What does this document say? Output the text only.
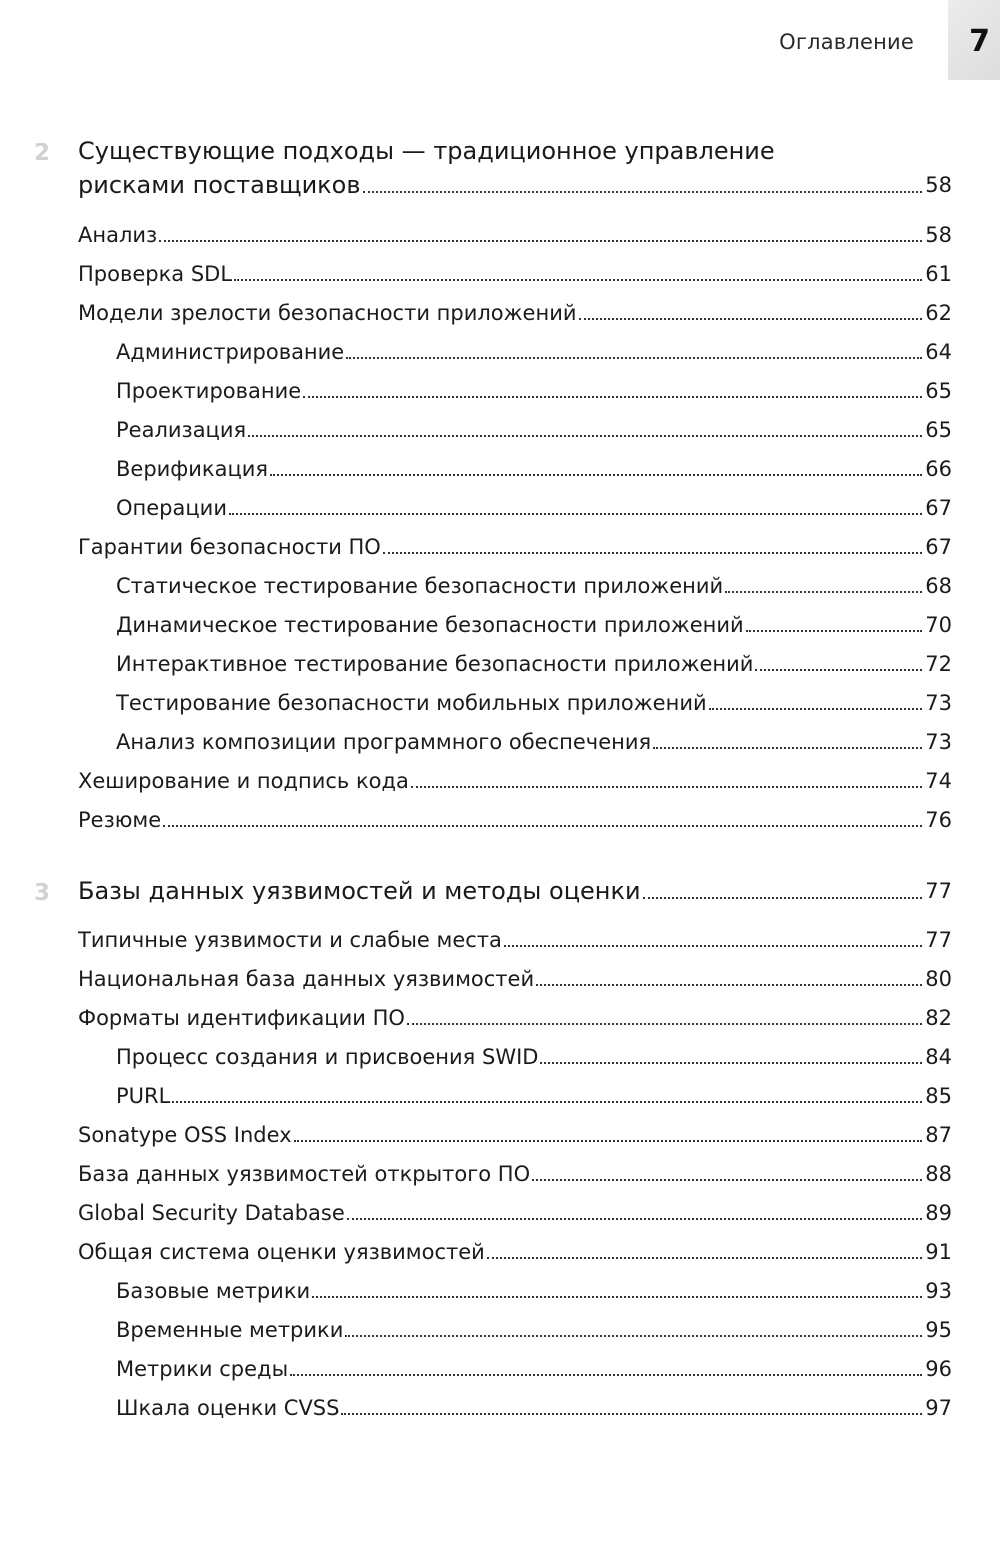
Оглавление 7
2 Существующие подходы — традиционное управление
рисками поставщиков	58
Анализ	58
Проверка SDL	61
Модели зрелости безопасности приложений	62
Администрирование	64
Проектирование	65
Реализация	65
Верификация	66
Операции	67
Гарантии безопасности ПО	67
Статическое тестирование безопасности приложений	68
Динамическое тестирование безопасности приложений	70
Интерактивное тестирование безопасности приложений	72
Тестирование безопасности мобильных приложений	73
Анализ композиции программного обеспечения	73
Хеширование и подпись кода	74
Резюме	76
3 Базы данных уязвимостей и методы оценки	77
Типичные уязвимости и слабые места	77
Национальная база данных уязвимостей	80
Форматы идентификации ПО	82
Процесс создания и присвоения SWID	84
PURL	85
Sonatype OSS Index	87
База данных уязвимостей открытого ПО	88
Global Security Database	89
Общая система оценки уязвимостей	91
Базовые метрики	93
Временные метрики	95
Метрики среды	96
Шкала оценки CVSS	97
